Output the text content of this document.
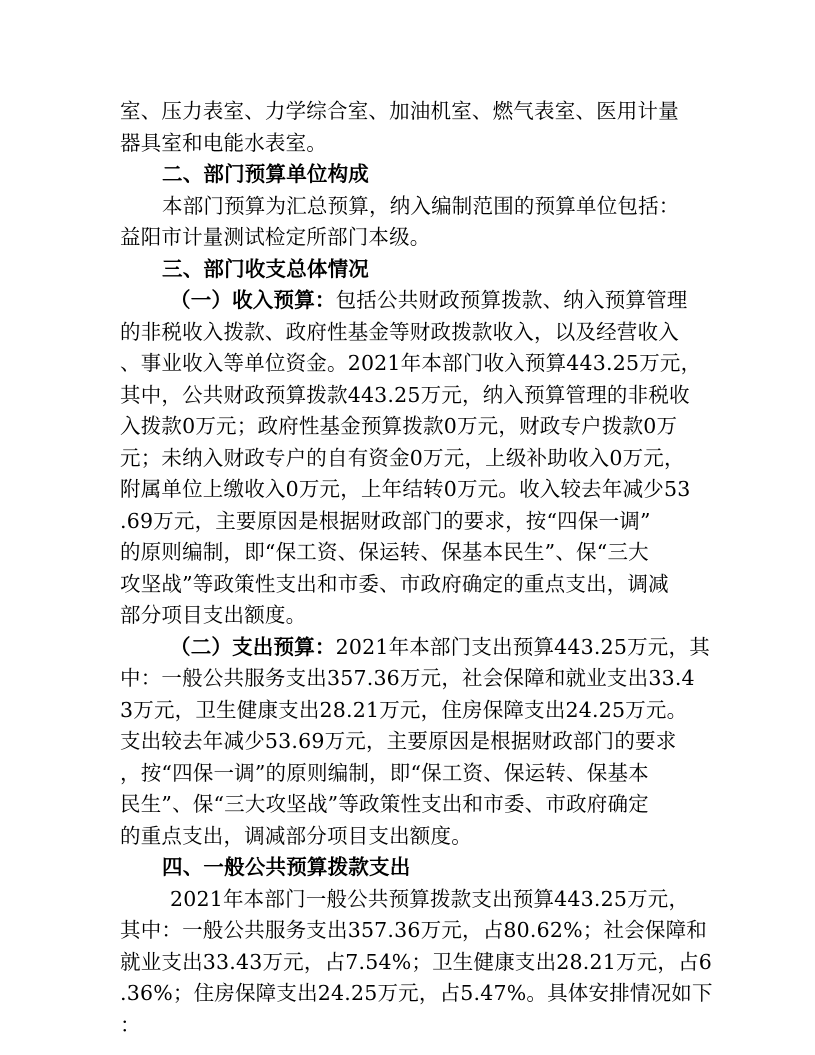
室、压力表室、力学综合室、加油机室、燃气表室、医用计量
器具室和电能水表室。
二、部门预算单位构成
本部门预算为汇总预算，纳入编制范围的预算单位包括：
益阳市计量测试检定所部门本级。
三、部门收支总体情况
（一）收入预算：包括公共财政预算拨款、纳入预算管理
的非税收入拨款、政府性基金等财政拨款收入，以及经营收入
、事业收入等单位资金。2021年本部门收入预算443.25万元，
其中，公共财政预算拨款443.25万元，纳入预算管理的非税收
入拨款0万元；政府性基金预算拨款0万元，财政专户拨款0万
元；未纳入财政专户的自有资金0万元，上级补助收入0万元，
附属单位上缴收入0万元，上年结转0万元。收入较去年减少53
.69万元，主要原因是根据财政部门的要求，按“四保一调”
的原则编制，即“保工资、保运转、保基本民生”、保“三大
攻坚战”等政策性支出和市委、市政府确定的重点支出，调减
部分项目支出额度。
（二）支出预算：2021年本部门支出预算443.25万元，其
中：一般公共服务支出357.36万元，社会保障和就业支出33.4
3万元，卫生健康支出28.21万元，住房保障支出24.25万元。
支出较去年减少53.69万元，主要原因是根据财政部门的要求
，按“四保一调”的原则编制，即“保工资、保运转、保基本
民生”、保“三大攻坚战”等政策性支出和市委、市政府确定
的重点支出，调减部分项目支出额度。
四、一般公共预算拨款支出
2021年本部门一般公共预算拨款支出预算443.25万元，
其中：一般公共服务支出357.36万元，占80.62%；社会保障和
就业支出33.43万元，占7.54%；卫生健康支出28.21万元，占6
.36%；住房保障支出24.25万元，占5.47%。具体安排情况如下
：
